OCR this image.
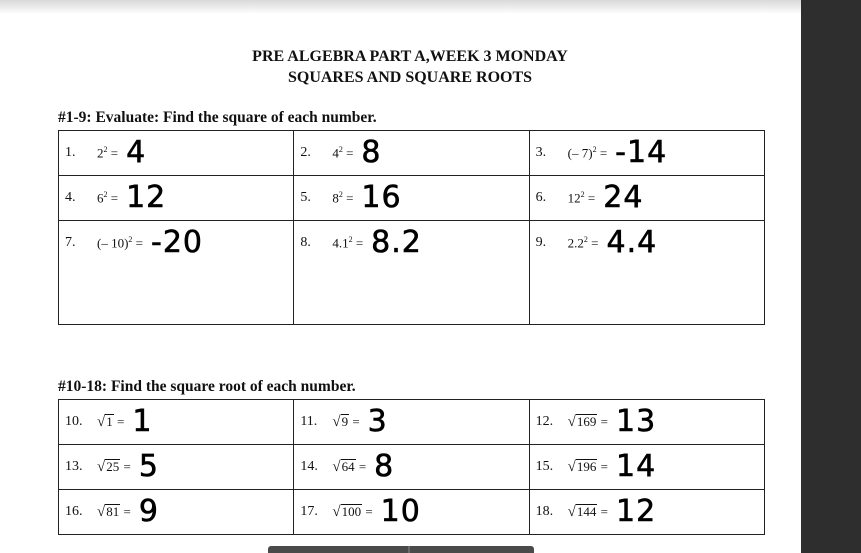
PRE ALGEBRA PART A,WEEK 3 MONDAY
SQUARES AND SQUARE ROOTS
#1-9: Evaluate: Find the square of each number.
1. $2^2 = 4$	2. $4^2 = 8$	3. (– 7)$^2$ = -14

4. $6^2 = 12$	5. $8^2 = 16$	6. $12^2 = 24$

7. (– 10)$^2$ = -20	8. $4.1^2 = 8.2$	9. $2.2^2 = 4.4$
#10-18: Find the square root of each number.
10. √1 = 1	11. √9 = 3	12. √169 = 13

13. √25 = 5	14. √64 = 8	15. √196 = 14

16. √81 = 9	17. √100 = 10	18. √144 = 12
